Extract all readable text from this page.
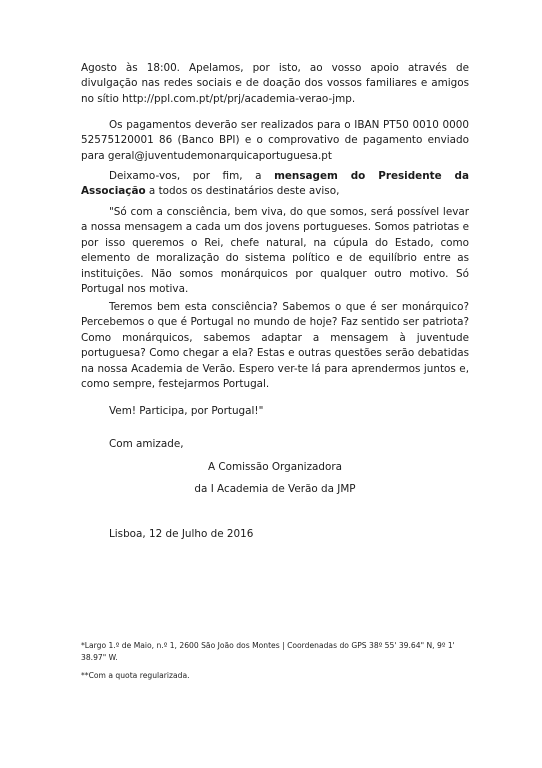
Agosto às 18:00. Apelamos, por isto, ao vosso apoio através de divulgação nas redes sociais e de doação dos vossos familiares e amigos no sítio http://ppl.com.pt/pt/prj/academia-verao-jmp.
Os pagamentos deverão ser realizados para o IBAN PT50 0010 0000 52575120001 86 (Banco BPI) e o comprovativo de pagamento enviado para geral@juventudemonarquicaportuguesa.pt
Deixamo-vos, por fim, a mensagem do Presidente da Associação a todos os destinatários deste aviso,
"Só com a consciência, bem viva, do que somos, será possível levar a nossa mensagem a cada um dos jovens portugueses. Somos patriotas e por isso queremos o Rei, chefe natural, na cúpula do Estado, como elemento de moralização do sistema político e de equilíbrio entre as instituições. Não somos monárquicos por qualquer outro motivo. Só Portugal nos motiva.
Teremos bem esta consciência? Sabemos o que é ser monárquico? Percebemos o que é Portugal no mundo de hoje? Faz sentido ser patriota? Como monárquicos, sabemos adaptar a mensagem à juventude portuguesa? Como chegar a ela? Estas e outras questões serão debatidas na nossa Academia de Verão. Espero ver-te lá para aprendermos juntos e, como sempre, festejarmos Portugal.
Vem! Participa, por Portugal!"
Com amizade,
A Comissão Organizadora
da I Academia de Verão da JMP
Lisboa, 12 de Julho de 2016
*Largo 1.º de Maio, n.º 1, 2600 São João dos Montes | Coordenadas do GPS 38º 55' 39.64" N, 9º 1' 38.97" W.
**Com a quota regularizada.
